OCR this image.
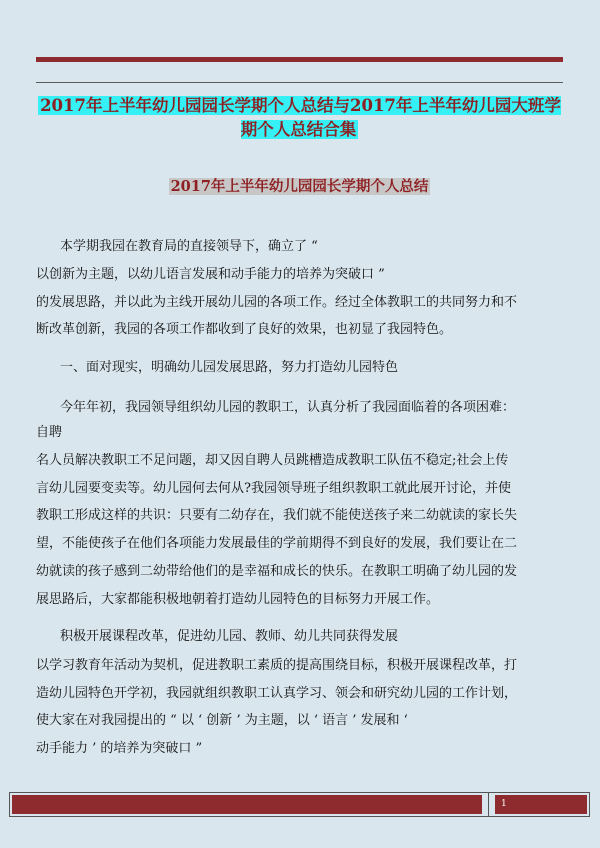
2017年上半年幼儿园园长学期个人总结与2017年上半年幼儿园大班学期个人总结合集
2017年上半年幼儿园园长学期个人总结
本学期我园在教育局的直接领导下，确立了 “
以创新为主题，以幼儿语言发展和动手能力的培养为突破口 ”
的发展思路，并以此为主线开展幼儿园的各项工作。经过全体教职工的共同努力和不
断改革创新，我园的各项工作都收到了良好的效果，也初显了我园特色。
一、面对现实，明确幼儿园发展思路，努力打造幼儿园特色
今年年初，我园领导组织幼儿园的教职工，认真分析了我园面临着的各项困难：
自聘
名人员解决教职工不足问题，却又因自聘人员跳槽造成教职工队伍不稳定;社会上传
言幼儿园要变卖等。幼儿园何去何从?我园领导班子组织教职工就此展开讨论，并使
教职工形成这样的共识：只要有二幼存在，我们就不能使送孩子来二幼就读的家长失
望，不能使孩子在他们各项能力发展最佳的学前期得不到良好的发展，我们要让在二
幼就读的孩子感到二幼带给他们的是幸福和成长的快乐。在教职工明确了幼儿园的发
展思路后，大家都能积极地朝着打造幼儿园特色的目标努力开展工作。
积极开展课程改革，促进幼儿园、教师、幼儿共同获得发展
以学习教育年活动为契机，促进教职工素质的提高围绕目标，积极开展课程改革，打
造幼儿园特色开学初，我园就组织教职工认真学习、领会和研究幼儿园的工作计划，
使大家在对我园提出的 “ 以 ‘ 创新 ’ 为主题，以 ‘ 语言 ’ 发展和 ‘
动手能力 ’ 的培养为突破口 ”
1
